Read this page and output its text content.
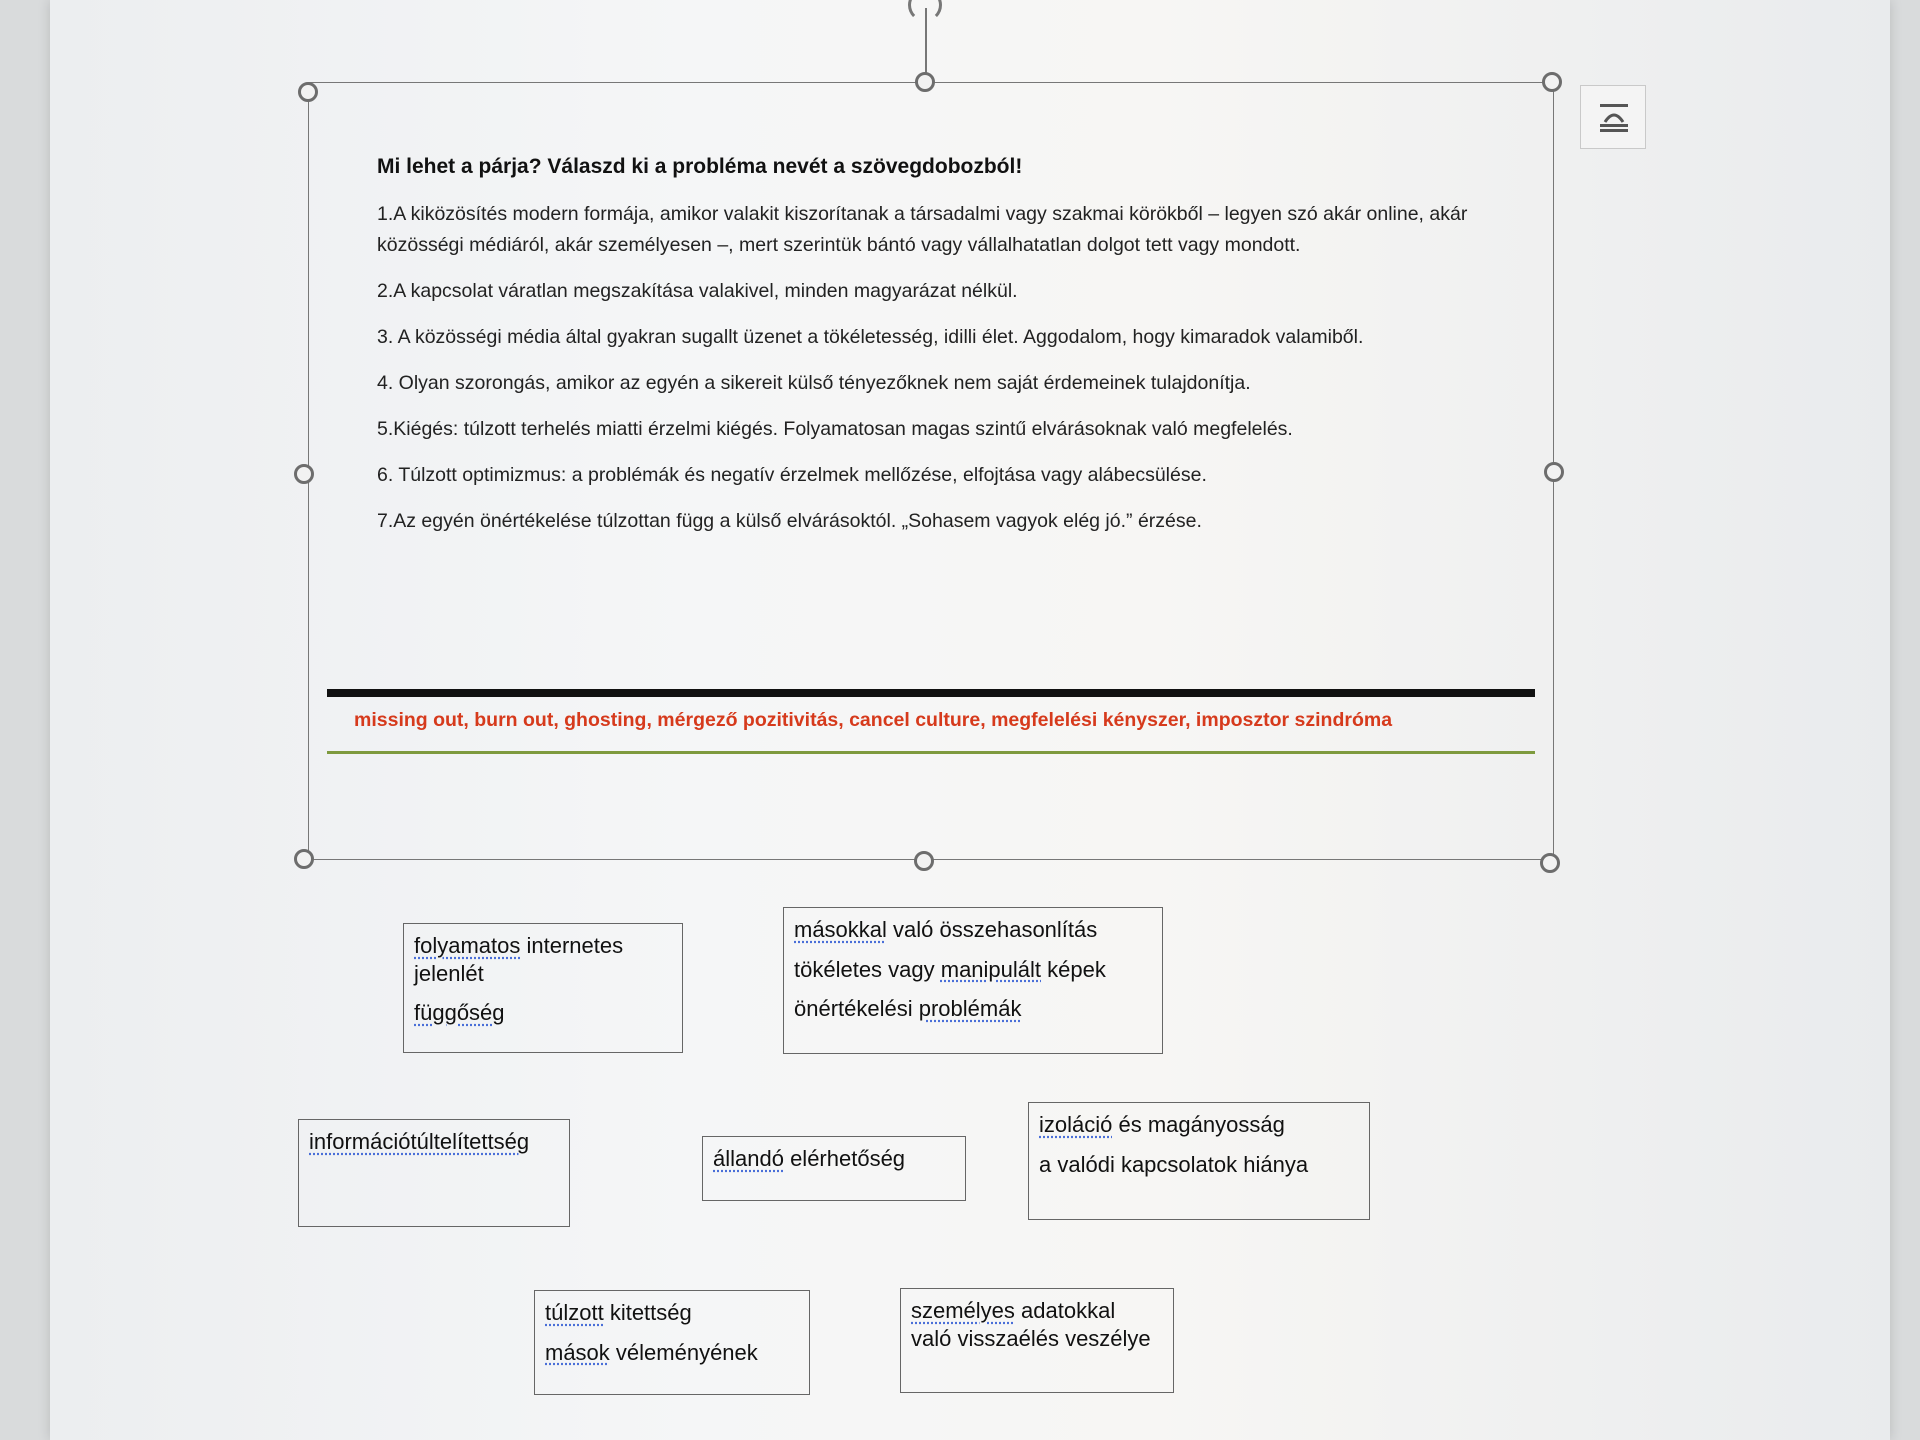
Mi lehet a párja? Válaszd ki a probléma nevét a szövegdobozból!

1.A kiközösítés modern formája, amikor valakit kiszorítanak a társadalmi vagy szakmai körökből – legyen szó akár online, akár közösségi médiáról, akár személyesen –, mert szerintük bántó vagy vállalhatatlan dolgot tett vagy mondott.

2.A kapcsolat váratlan megszakítása valakivel, minden magyarázat nélkül.

3. A közösségi média által gyakran sugallt üzenet a tökéletesség, idilli élet. Aggodalom, hogy kimaradok valamiből.

4. Olyan szorongás, amikor az egyén a sikereit külső tényezőknek nem saját érdemeinek tulajdonítja.

5.Kiégés: túlzott terhelés miatti érzelmi kiégés. Folyamatosan magas szintű elvárásoknak való megfelelés.

6. Túlzott optimizmus: a problémák és negatív érzelmek mellőzése, elfojtása vagy alábecsülése.

7.Az egyén önértékelése túlzottan függ a külső elvárásoktól. „Sohasem vagyok elég jó.” érzése.

missing out, burn out, ghosting, mérgező pozitivitás, cancel culture, megfelelési kényszer, imposztor szindróma

folyamatos internetes

jelenlét

függőség

másokkal való összehasonlítás

tökéletes vagy manipulált képek

önértékelési problémák

információtúltelítettség

állandó elérhetőség

izoláció és magányosság

a valódi kapcsolatok hiánya

túlzott kitettség

mások véleményének

személyes adatokkal

való visszaélés veszélye
